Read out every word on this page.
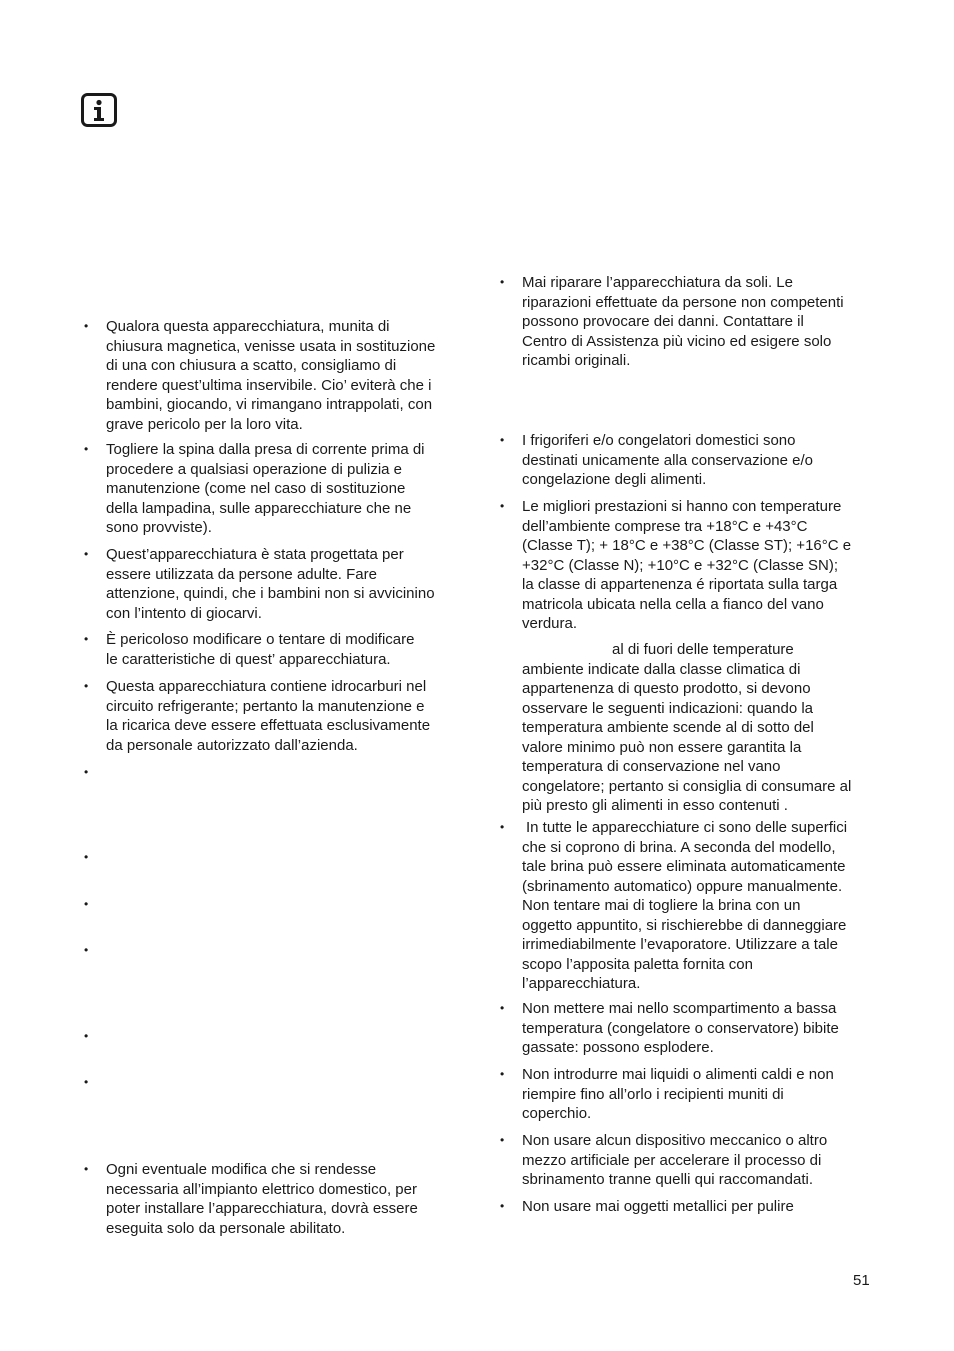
• Qualora questa apparecchiatura, munita di
chiusura magnetica, venisse usata in sostituzione
di una con chiusura a scatto, consigliamo di
rendere quest’ultima inservibile. Cio’ eviterà che i
bambini, giocando, vi rimangano intrappolati, con
grave pericolo per la loro vita.
• Togliere la spina dalla presa di corrente prima di
procedere a qualsiasi operazione di pulizia e
manutenzione (come nel caso di sostituzione
della lampadina, sulle apparecchiature che ne
sono provviste).
• Quest’apparecchiatura è stata progettata per
essere utilizzata da persone adulte. Fare
attenzione, quindi, che i bambini non si avvicinino
con l’intento di giocarvi.
• È pericoloso modificare o tentare di modificare
le caratteristiche di quest’ apparecchiatura.
• Questa apparecchiatura contiene idrocarburi nel
circuito refrigerante; pertanto la manutenzione e
la ricarica deve essere effettuata esclusivamente
da personale autorizzato dall’azienda.
•
•
•
•
•
•
• Ogni eventuale modifica che si rendesse
necessaria all’impianto elettrico domestico, per
poter installare l’apparecchiatura, dovrà essere
eseguita solo da personale abilitato.
• Mai riparare l’apparecchiatura da soli. Le
riparazioni effettuate da persone non competenti
possono provocare dei danni. Contattare il
Centro di Assistenza più vicino ed esigere solo
ricambi originali.
• I frigoriferi e/o congelatori domestici sono
destinati unicamente alla conservazione e/o
congelazione degli alimenti.
• Le migliori prestazioni si hanno con temperature
dell’ambiente comprese tra +18°C e +43°C
(Classe T); + 18°C e +38°C (Classe ST); +16°C e
+32°C (Classe N); +10°C e +32°C (Classe SN);
la classe di appartenenza é riportata sulla targa
matricola ubicata nella cella a fianco del vano
verdura.
al di fuori delle temperature
ambiente indicate dalla classe climatica di
appartenenza di questo prodotto, si devono
osservare le seguenti indicazioni: quando la
temperatura ambiente scende al di sotto del
valore minimo può non essere garantita la
temperatura di conservazione nel vano
congelatore; pertanto si consiglia di consumare al
più presto gli alimenti in esso contenuti .
• In tutte le apparecchiature ci sono delle superfici
che si coprono di brina. A seconda del modello,
tale brina può essere eliminata automaticamente
(sbrinamento automatico) oppure manualmente.
Non tentare mai di togliere la brina con un
oggetto appuntito, si rischierebbe di danneggiare
irrimediabilmente l’evaporatore. Utilizzare a tale
scopo l’apposita paletta fornita con
l’apparecchiatura.
• Non mettere mai nello scompartimento a bassa
temperatura (congelatore o conservatore) bibite
gassate: possono esplodere.
• Non introdurre mai liquidi o alimenti caldi e non
riempire fino all’orlo i recipienti muniti di
coperchio.
• Non usare alcun dispositivo meccanico o altro
mezzo artificiale per accelerare il processo di
sbrinamento tranne quelli qui raccomandati.
• Non usare mai oggetti metallici per pulire
51
